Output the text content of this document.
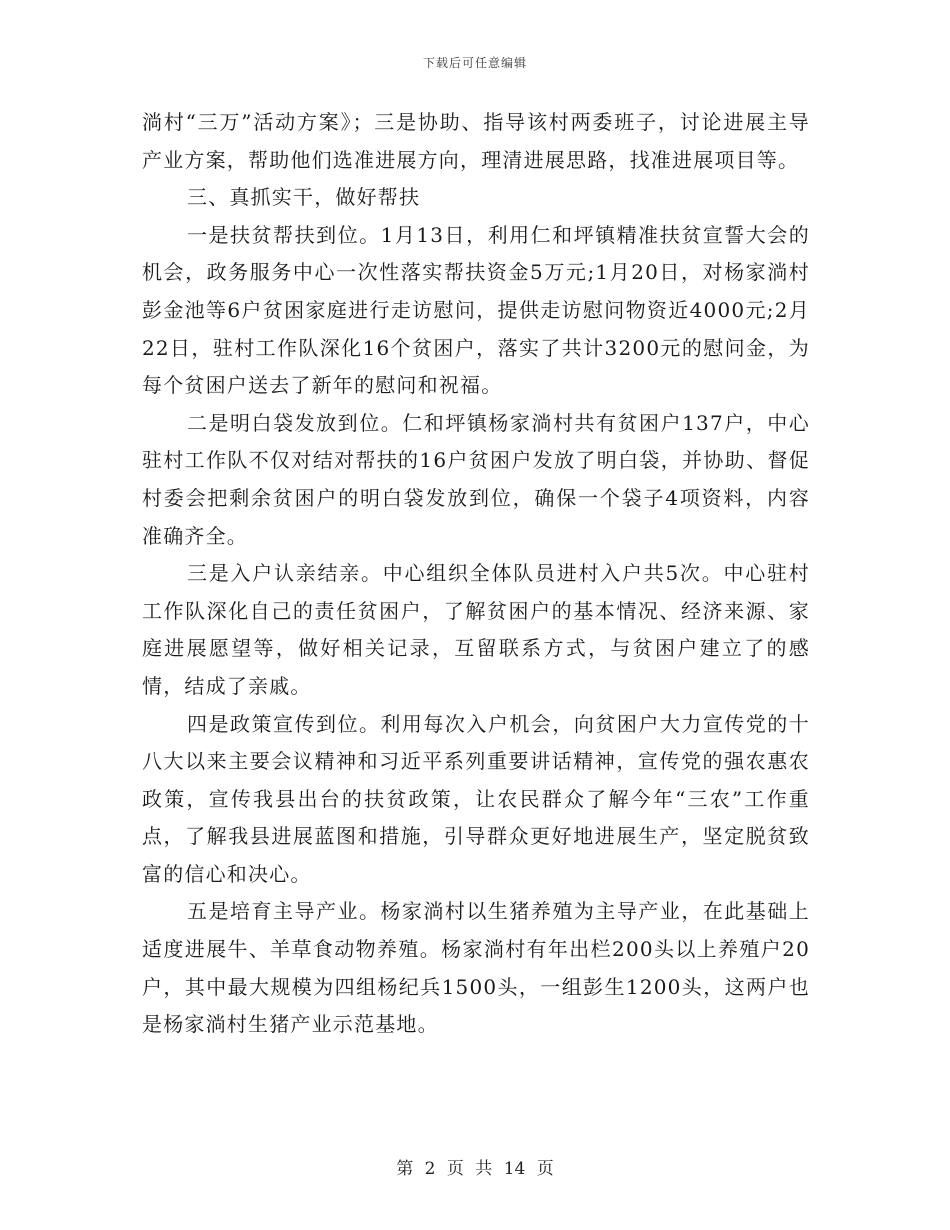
下载后可任意编辑

淌村“三万”活动方案》；三是协助、指导该村两委班子，讨论进展主导产业方案，帮助他们选准进展方向，理清进展思路，找准进展项目等。

三、真抓实干，做好帮扶

一是扶贫帮扶到位。1月13日，利用仁和坪镇精准扶贫宣誓大会的机会，政务服务中心一次性落实帮扶资金5万元;1月20日，对杨家淌村彭金池等6户贫困家庭进行走访慰问，提供走访慰问物资近4000元;2月22日，驻村工作队深化16个贫困户，落实了共计3200元的慰问金，为每个贫困户送去了新年的慰问和祝福。

二是明白袋发放到位。仁和坪镇杨家淌村共有贫困户137户，中心驻村工作队不仅对结对帮扶的16户贫困户发放了明白袋，并协助、督促村委会把剩余贫困户的明白袋发放到位，确保一个袋子4项资料，内容准确齐全。

三是入户认亲结亲。中心组织全体队员进村入户共5次。中心驻村工作队深化自己的责任贫困户，了解贫困户的基本情况、经济来源、家庭进展愿望等，做好相关记录，互留联系方式，与贫困户建立了的感情，结成了亲戚。

四是政策宣传到位。利用每次入户机会，向贫困户大力宣传党的十八大以来主要会议精神和习近平系列重要讲话精神，宣传党的强农惠农政策，宣传我县出台的扶贫政策，让农民群众了解今年“三农”工作重点，了解我县进展蓝图和措施，引导群众更好地进展生产，坚定脱贫致富的信心和决心。

五是培育主导产业。杨家淌村以生猪养殖为主导产业，在此基础上适度进展牛、羊草食动物养殖。杨家淌村有年出栏200头以上养殖户20户，其中最大规模为四组杨纪兵1500头，一组彭生1200头，这两户也是杨家淌村生猪产业示范基地。

第 2 页 共 14 页
